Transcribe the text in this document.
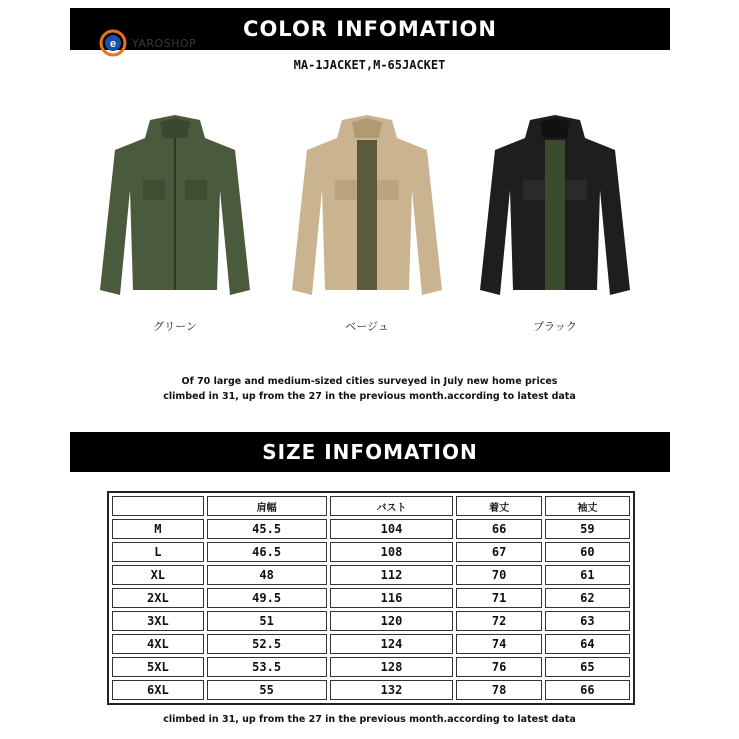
COLOR INFOMATION
e YAROSHOP
MA-1JACKET,M-65JACKET
グリーン	ベージュ	ブラック
Of 70 large and medium-sized cities surveyed in July new home prices
climbed in 31, up from the 27 in the previous month.according to latest data
SIZE INFOMATION
	肩幅	バスト	着丈	袖丈
M	45.5	104	66	59
L	46.5	108	67	60
XL	48	112	70	61
2XL	49.5	116	71	62
3XL	51	120	72	63
4XL	52.5	124	74	64
5XL	53.5	128	76	65
6XL	55	132	78	66
climbed in 31, up from the 27 in the previous month.according to latest data
